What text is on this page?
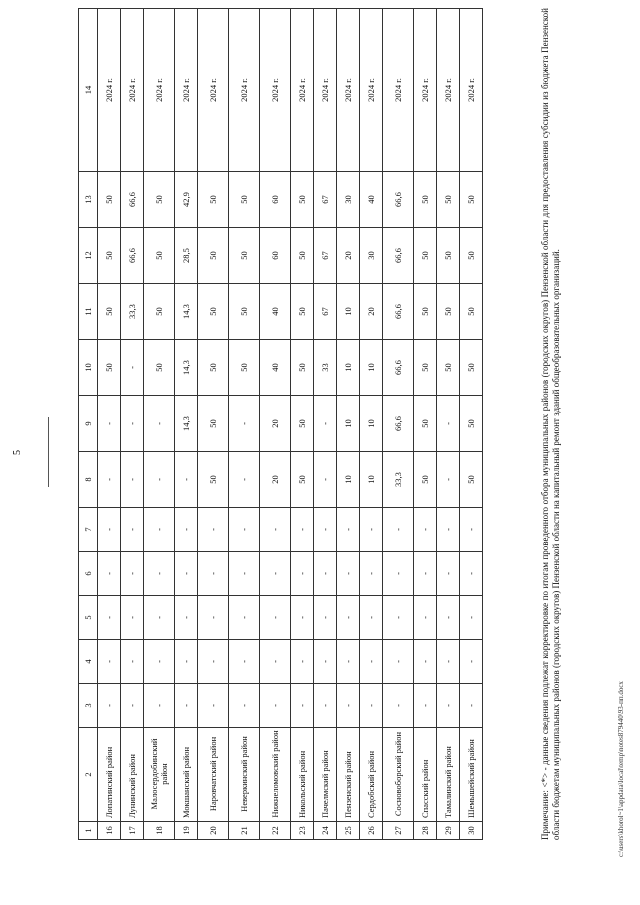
5
1	2	3	4	5	6	7	8	9	10	11	12	13	14
16	Лопатинский район	-	-	-	-	-	-	-	50	50	50	50	2024 г.
17	Лунинский район	-	-	-	-	-	-	-	-	33,3	66,6	66,6	2024 г.
18	Малосердобинский район	-	-	-	-	-	-	-	50	50	50	50	2024 г.
19	Мокшанский район	-	-	-	-	-	-	14,3	14,3	14,3	28,5	42,9	2024 г.
20	Наровчатский район	-	-	-	-	-	50	50	50	50	50	50	2024 г.
21	Неверкинский район	-	-	-	-	-	-	-	50	50	50	50	2024 г.
22	Нижнеломовский район	-	-	-	-	-	20	20	40	40	60	60	2024 г.
23	Никольский район	-	-	-	-	-	50	50	50	50	50	50	2024 г.
24	Пачелмский район	-	-	-	-	-	-	-	33	67	67	67	2024 г.
25	Пензенский район	-	-	-	-	-	10	10	10	10	20	30	2024 г.
26	Сердобский район	-	-	-	-	-	10	10	10	20	30	40	2024 г.
27	Сосновоборский район	-	-	-	-	-	33,3	66,6	66,6	66,6	66,6	66,6	2024 г.
28	Спасский район	-	-	-	-	-	50	50	50	50	50	50	2024 г.
29	Тамалинский район	-	-	-	-	-	-	-	50	50	50	50	2024 г.
30	Шемышейский район	-	-	-	-	-	50	50	50	50	50	50	2024 г.	Примечание: <*> - данные сведения подлежат корректировке по итогам проведенного отбора муниципальных районов (городских округов) Пензенской области для предоставления субсидии из бюджета Пензенской области бюджетам муниципальных районов (городских округов) Пензенской области на капитальный ремонт зданий общеобразовательных организаций.	c:\users\khorol~1\appdata\local\temp\notes879440\93-пп.docx
